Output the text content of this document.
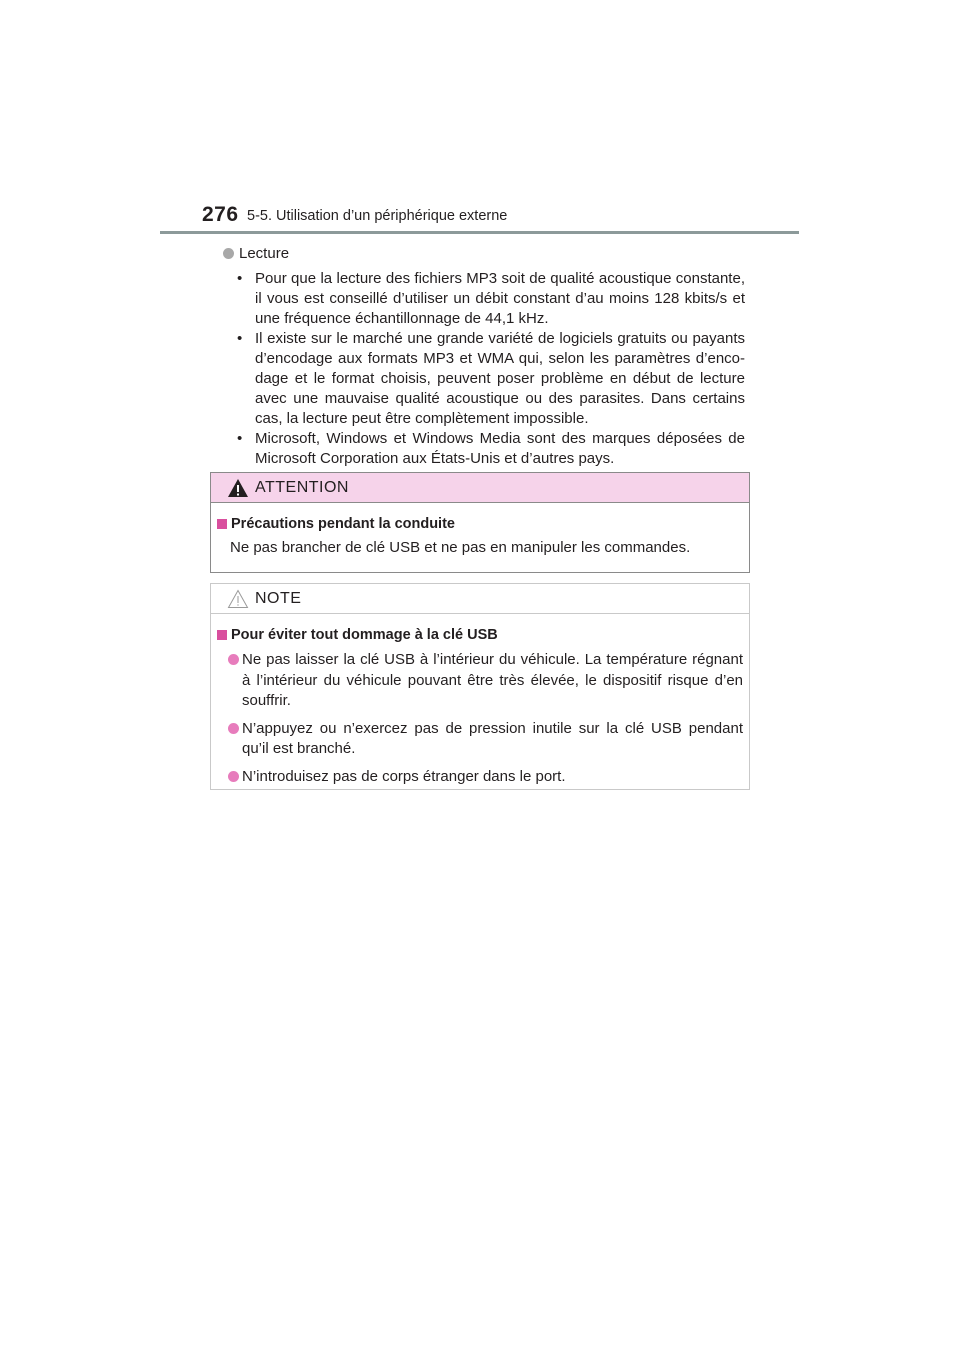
276 5-5. Utilisation d’un périphérique externe
Lecture
• Pour que la lecture des fichiers MP3 soit de qualité acoustique constante, il vous est conseillé d’utiliser un débit constant d’au moins 128 kbits/s et une fréquence échantillonnage de 44,1 kHz.
• Il existe sur le marché une grande variété de logiciels gratuits ou payants d’encodage aux formats MP3 et WMA qui, selon les paramètres d’enco- dage et le format choisis, peuvent poser problème en début de lecture avec une mauvaise qualité acoustique ou des parasites. Dans certains cas, la lecture peut être complètement impossible.
• Microsoft, Windows et Windows Media sont des marques déposées de Microsoft Corporation aux États-Unis et d’autres pays.
ATTENTION
Précautions pendant la conduite
Ne pas brancher de clé USB et ne pas en manipuler les commandes.
NOTE
Pour éviter tout dommage à la clé USB
Ne pas laisser la clé USB à l’intérieur du véhicule. La température régnant à l’intérieur du véhicule pouvant être très élevée, le dispositif risque d’en souffrir.
N’appuyez ou n’exercez pas de pression inutile sur la clé USB pendant qu’il est branché.
N’introduisez pas de corps étranger dans le port.
